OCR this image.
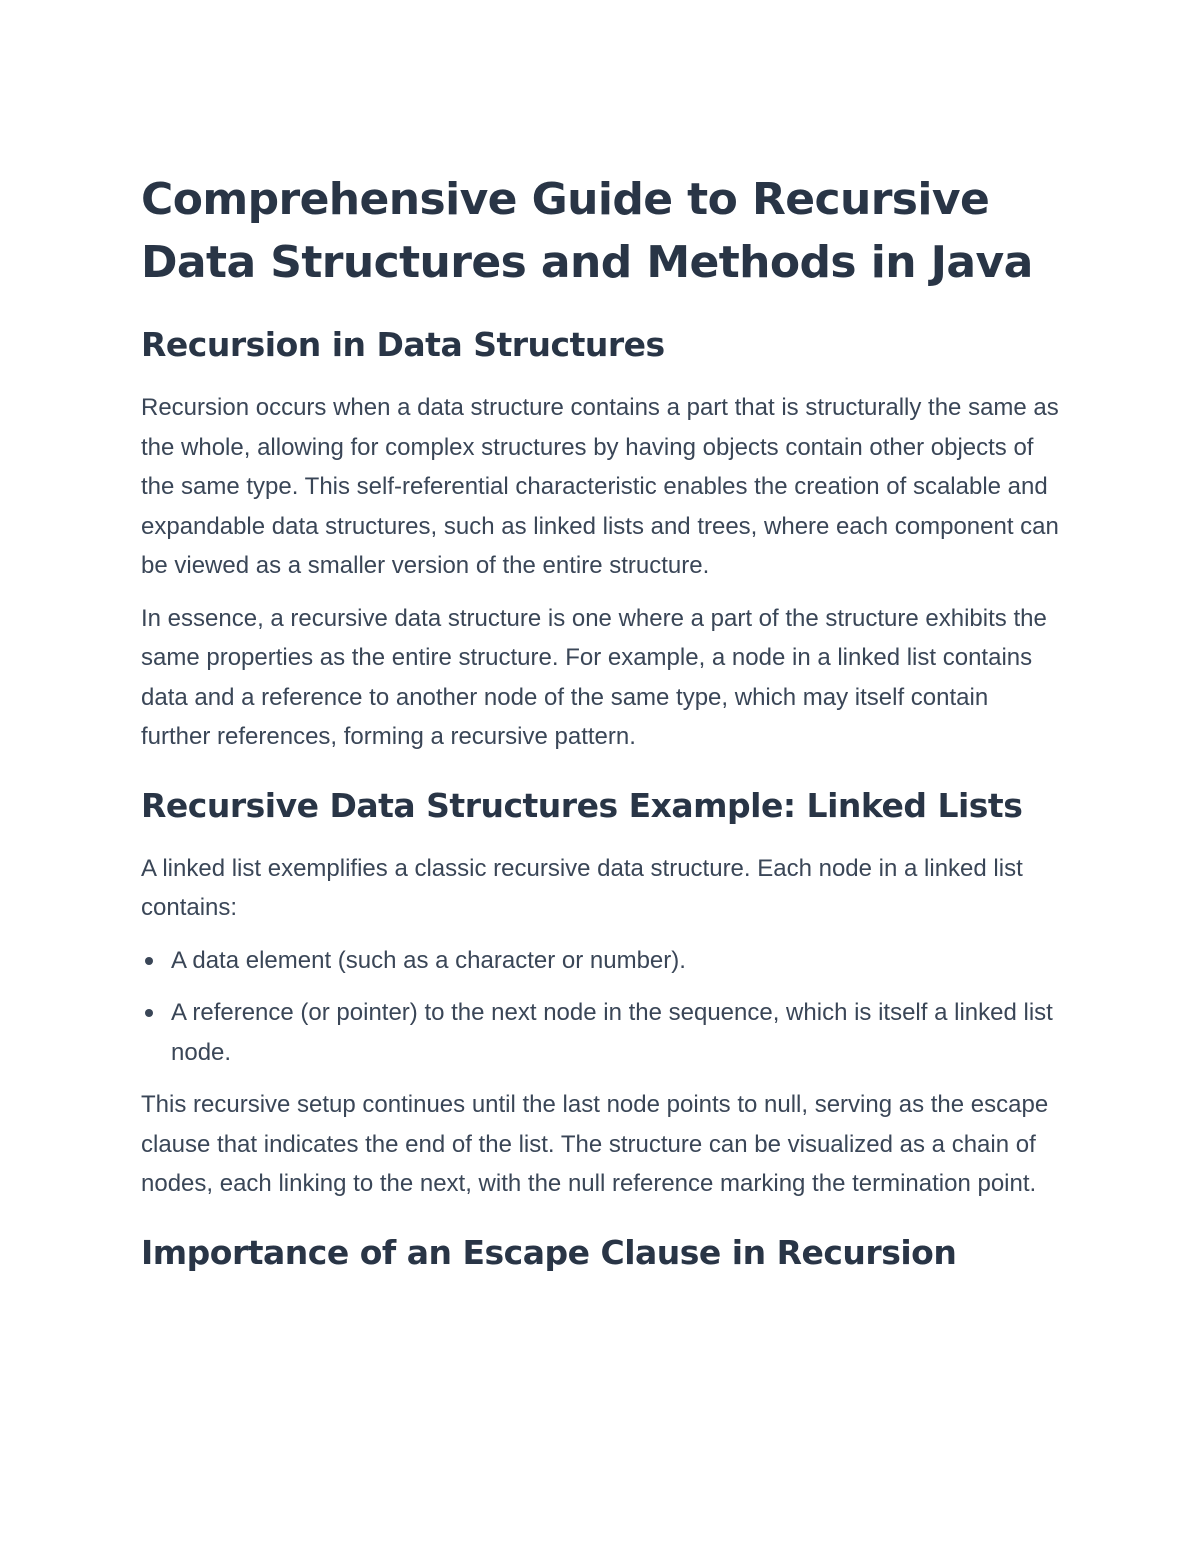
Comprehensive Guide to Recursive Data Structures and Methods in Java
Recursion in Data Structures

Recursion occurs when a data structure contains a part that is structurally the same as the whole, allowing for complex structures by having objects contain other objects of the same type. This self-referential characteristic enables the creation of scalable and expandable data structures, such as linked lists and trees, where each component can be viewed as a smaller version of the entire structure.

In essence, a recursive data structure is one where a part of the structure exhibits the same properties as the entire structure. For example, a node in a linked list contains data and a reference to another node of the same type, which may itself contain further references, forming a recursive pattern.

Recursive Data Structures Example: Linked Lists

A linked list exemplifies a classic recursive data structure. Each node in a linked list contains:

A data element (such as a character or number).
A reference (or pointer) to the next node in the sequence, which is itself a linked list node.

This recursive setup continues until the last node points to null, serving as the escape clause that indicates the end of the list. The structure can be visualized as a chain of nodes, each linking to the next, with the null reference marking the termination point.

Importance of an Escape Clause in Recursion
